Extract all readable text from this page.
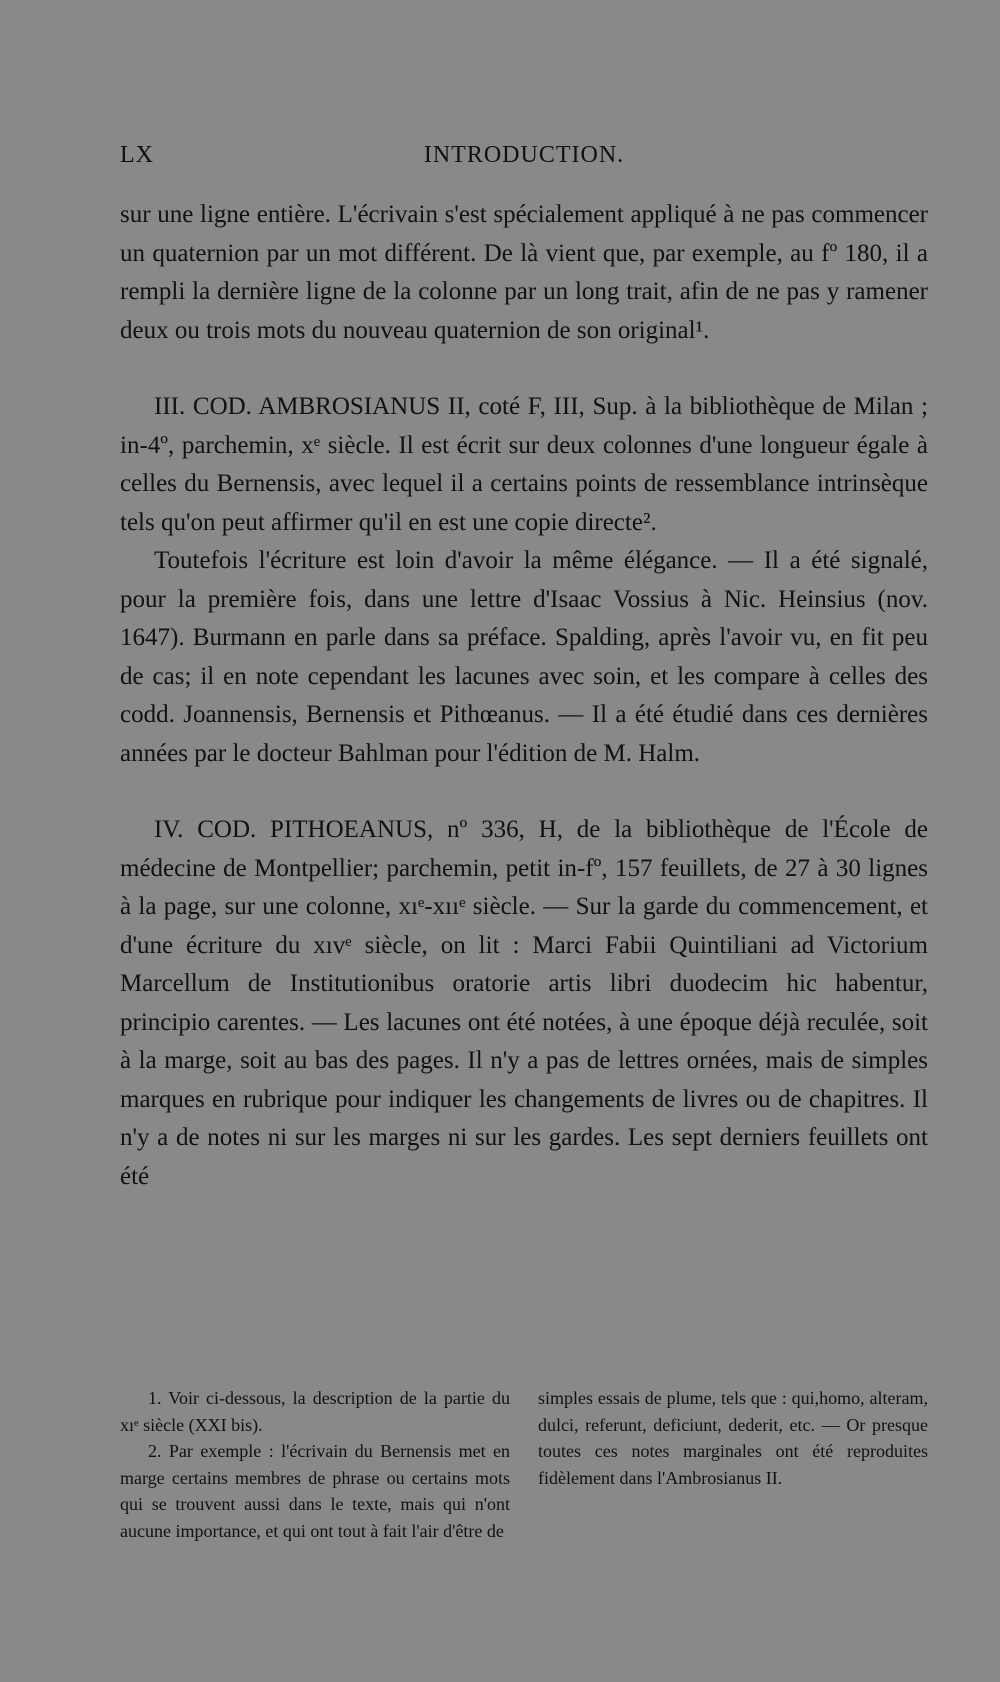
LX	INTRODUCTION.

sur une ligne entière. L'écrivain s'est spécialement appliqué à ne pas commencer un quaternion par un mot différent. De là vient que, par exemple, au fº 180, il a rempli la dernière ligne de la colonne par un long trait, afin de ne pas y ramener deux ou trois mots du nouveau quaternion de son original¹.

III. COD. AMBROSIANUS II, coté F, III, Sup. à la bibliothèque de Milan ; in-4º, parchemin, xᵉ siècle. Il est écrit sur deux colonnes d'une longueur égale à celles du Bernensis, avec lequel il a certains points de ressemblance intrinsèque tels qu'on peut affirmer qu'il en est une copie directe².

Toutefois l'écriture est loin d'avoir la même élégance. — Il a été signalé, pour la première fois, dans une lettre d'Isaac Vossius à Nic. Heinsius (nov. 1647). Burmann en parle dans sa préface. Spalding, après l'avoir vu, en fit peu de cas; il en note cependant les lacunes avec soin, et les compare à celles des codd. Joannensis, Bernensis et Pithœanus. — Il a été étudié dans ces dernières années par le docteur Bahlman pour l'édition de M. Halm.

IV. COD. PITHOEANUS, nº 336, H, de la bibliothèque de l'École de médecine de Montpellier; parchemin, petit in-fº, 157 feuillets, de 27 à 30 lignes à la page, sur une colonne, xıᵉ-xııᵉ siècle. — Sur la garde du commencement, et d'une écriture du xıvᵉ siècle, on lit : Marci Fabii Quintiliani ad Victorium Marcellum de Institutionibus oratorie artis libri duodecim hic habentur, principio carentes. — Les lacunes ont été notées, à une époque déjà reculée, soit à la marge, soit au bas des pages. Il n'y a pas de lettres ornées, mais de simples marques en rubrique pour indiquer les changements de livres ou de chapitres. Il n'y a de notes ni sur les marges ni sur les gardes. Les sept derniers feuillets ont été

1. Voir ci-dessous, la description de la partie du xıᵉ siècle (XXI bis).

2. Par exemple : l'écrivain du Bernensis met en marge certains membres de phrase ou certains mots qui se trouvent aussi dans le texte, mais qui n'ont aucune importance, et qui ont tout à fait l'air d'être de

simples essais de plume, tels que : qui,homo, alteram, dulci, referunt, deficiunt, dederit, etc. — Or presque toutes ces notes marginales ont été reproduites fidèlement dans l'Ambrosianus II.
